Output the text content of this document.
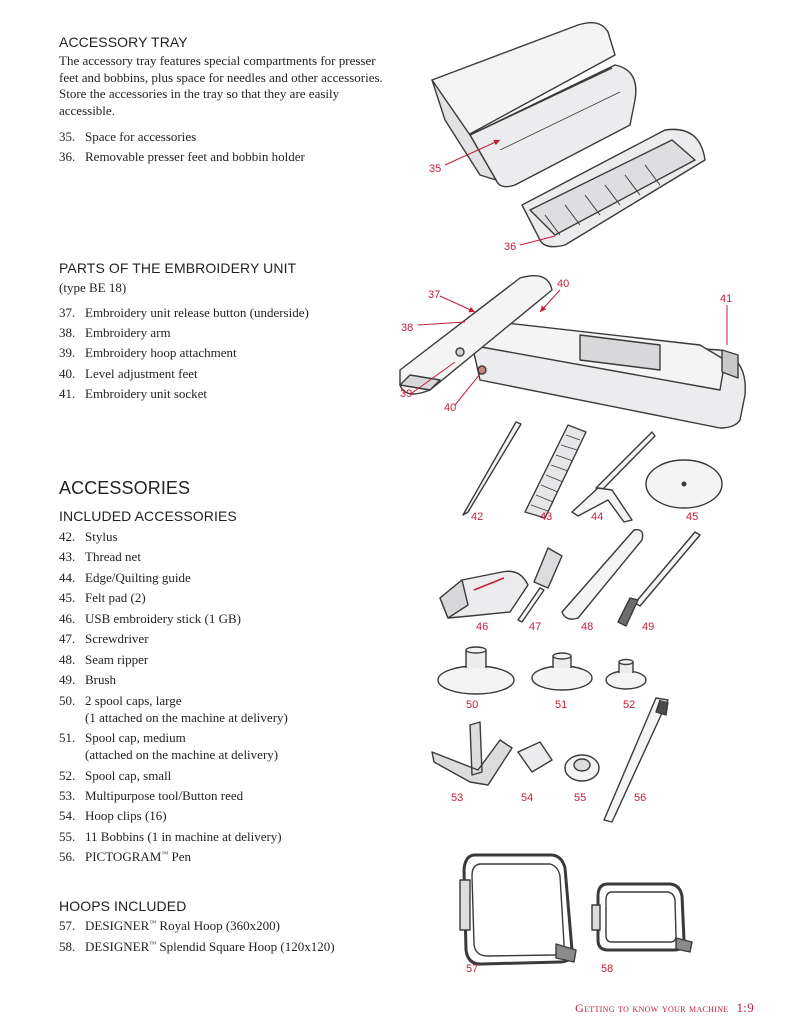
ACCESSORY TRAY
The accessory tray features special compartments for presser feet and bobbins, plus space for needles and other accessories. Store the accessories in the tray so that they are easily accessible.
35. Space for accessories
36. Removable presser feet and bobbin holder
PARTS OF THE EMBROIDERY UNIT
(type BE 18)
37. Embroidery unit release button (underside)
38. Embroidery arm
39. Embroidery hoop attachment
40. Level adjustment feet
41. Embroidery unit socket
ACCESSORIES
INCLUDED ACCESSORIES
42. Stylus
43. Thread net
44. Edge/Quilting guide
45. Felt pad (2)
46. USB embroidery stick (1 GB)
47. Screwdriver
48. Seam ripper
49. Brush
50. 2 spool caps, large
(1 attached on the machine at delivery)
51. Spool cap, medium
(attached on the machine at delivery)
52. Spool cap, small
53. Multipurpose tool/Button reed
54. Hoop clips (16)
55. 11 Bobbins (1 in machine at delivery)
56. PICTOGRAM™ Pen
HOOPS INCLUDED
57. DESIGNER™ Royal Hoop (360x200)
58. DESIGNER™ Splendid Square Hoop (120x120)
35
36
37
38
39
40
40
41
42	43	44	45
46	47	48	49
50	51	52
53	54	55	56
57	58
Getting to know your machine 1:9
